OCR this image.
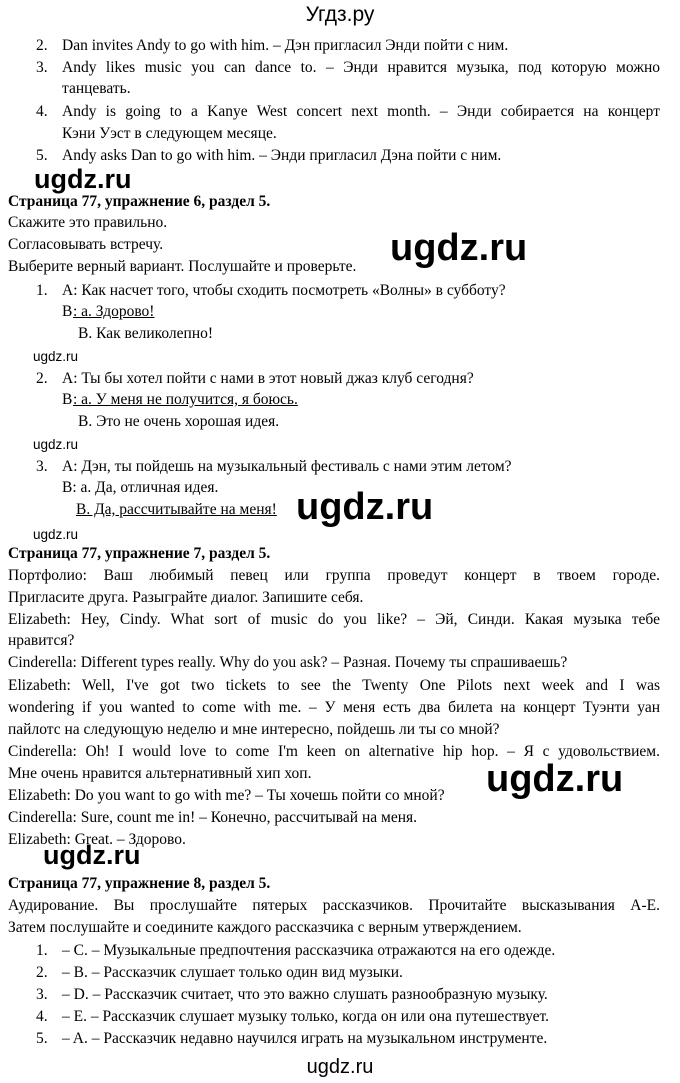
Угдз.ру
2. Dan invites Andy to go with him. – Дэн пригласил Энди пойти с ним.
3. Andy likes music you can dance to. – Энди нравится музыка, под которую можно
танцевать.
4. Andy is going to a Kanye West concert next month. – Энди собирается на концерт
Кэни Уэст в следующем месяце.
5. Andy asks Dan to go with him. – Энди пригласил Дэна пойти с ним.
ugdz.ru
Страница 77, упражнение 6, раздел 5.
Скажите это правильно.
Согласовывать встречу.
Выберите верный вариант. Послушайте и проверьте. ugdz.ru
1. А: Как насчет того, чтобы сходить посмотреть «Волны» в субботу?
В : а. Здорово!
В. Как великолепно!
ugdz.ru
2. А: Ты бы хотел пойти с нами в этот новый джаз клуб сегодня?
В : а. У меня не получится, я боюсь.
В. Это не очень хорошая идея.
ugdz.ru
3. А: Дэн, ты пойдешь на музыкальный фестиваль с нами этим летом?
В: а. Да, отличная идея.
В. Да, рассчитывайте на меня! ugdz.ru
ugdz.ru
Страница 77, упражнение 7, раздел 5.
Портфолио: Ваш любимый певец или группа проведут концерт в твоем городе.
Пригласите друга. Разыграйте диалог. Запишите себя.
Elizabeth: Hey, Cindy. What sort of music do you like? – Эй, Синди. Какая музыка тебе
нравится?
Cinderella: Different types really. Why do you ask? – Разная. Почему ты спрашиваешь?
Elizabeth: Well, I've got two tickets to see the Twenty One Pilots next week and I was
wondering if you wanted to come with me. – У меня есть два билета на концерт Туэнти уан
пайлотс на следующую неделю и мне интересно, пойдешь ли ты со мной?
Cinderella: Oh! I would love to come I'm keen on alternative hip hop. – Я с удовольствием.
Мне очень нравится альтернативный хип хоп.
Elizabeth: Do you want to go with me? – Ты хочешь пойти со мной?
Cinderella: Sure, count me in! – Конечно, рассчитывай на меня.
Elizabeth: Great. – Здорово.
ugdz.ru
ugdz.ru
Страница 77, упражнение 8, раздел 5.
Аудирование. Вы прослушайте пятерых рассказчиков. Прочитайте высказывания A-E.
Затем послушайте и соедините каждого рассказчика с верным утверждением.
1. – C. – Музыкальные предпочтения рассказчика отражаются на его одежде.
2. – B. – Рассказчик слушает только один вид музыки.
3. – D. – Рассказчик считает, что это важно слушать разнообразную музыку.
4. – E. – Рассказчик слушает музыку только, когда он или она путешествует.
5. – A. – Рассказчик недавно научился играть на музыкальном инструменте.
ugdz.ru
